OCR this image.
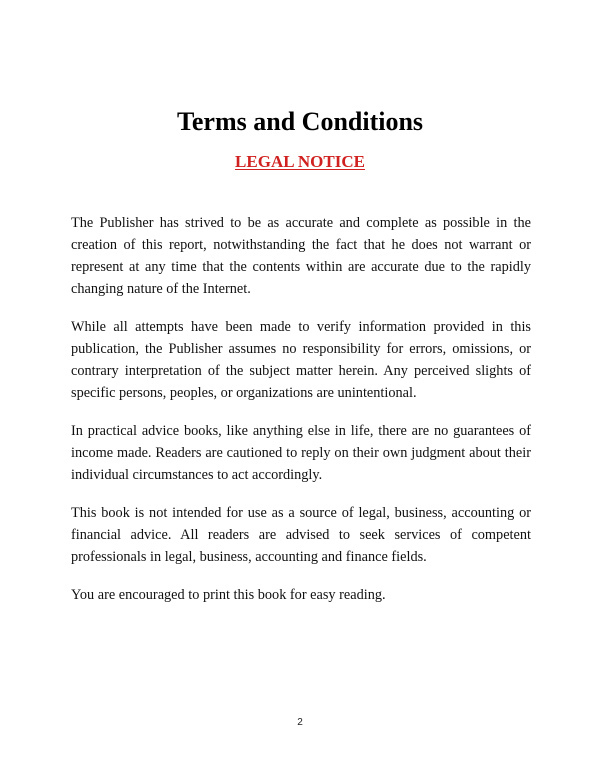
Terms and Conditions
LEGAL NOTICE

The Publisher has strived to be as accurate and complete as possible in the creation of this report, notwithstanding the fact that he does not warrant or represent at any time that the contents within are accurate due to the rapidly changing nature of the Internet.

While all attempts have been made to verify information provided in this publication, the Publisher assumes no responsibility for errors, omissions, or contrary interpretation of the subject matter herein. Any perceived slights of specific persons, peoples, or organizations are unintentional.

In practical advice books, like anything else in life, there are no guarantees of income made. Readers are cautioned to reply on their own judgment about their individual circumstances to act accordingly.

This book is not intended for use as a source of legal, business, accounting or financial advice. All readers are advised to seek services of competent professionals in legal, business, accounting and finance fields.

You are encouraged to print this book for easy reading.

2
